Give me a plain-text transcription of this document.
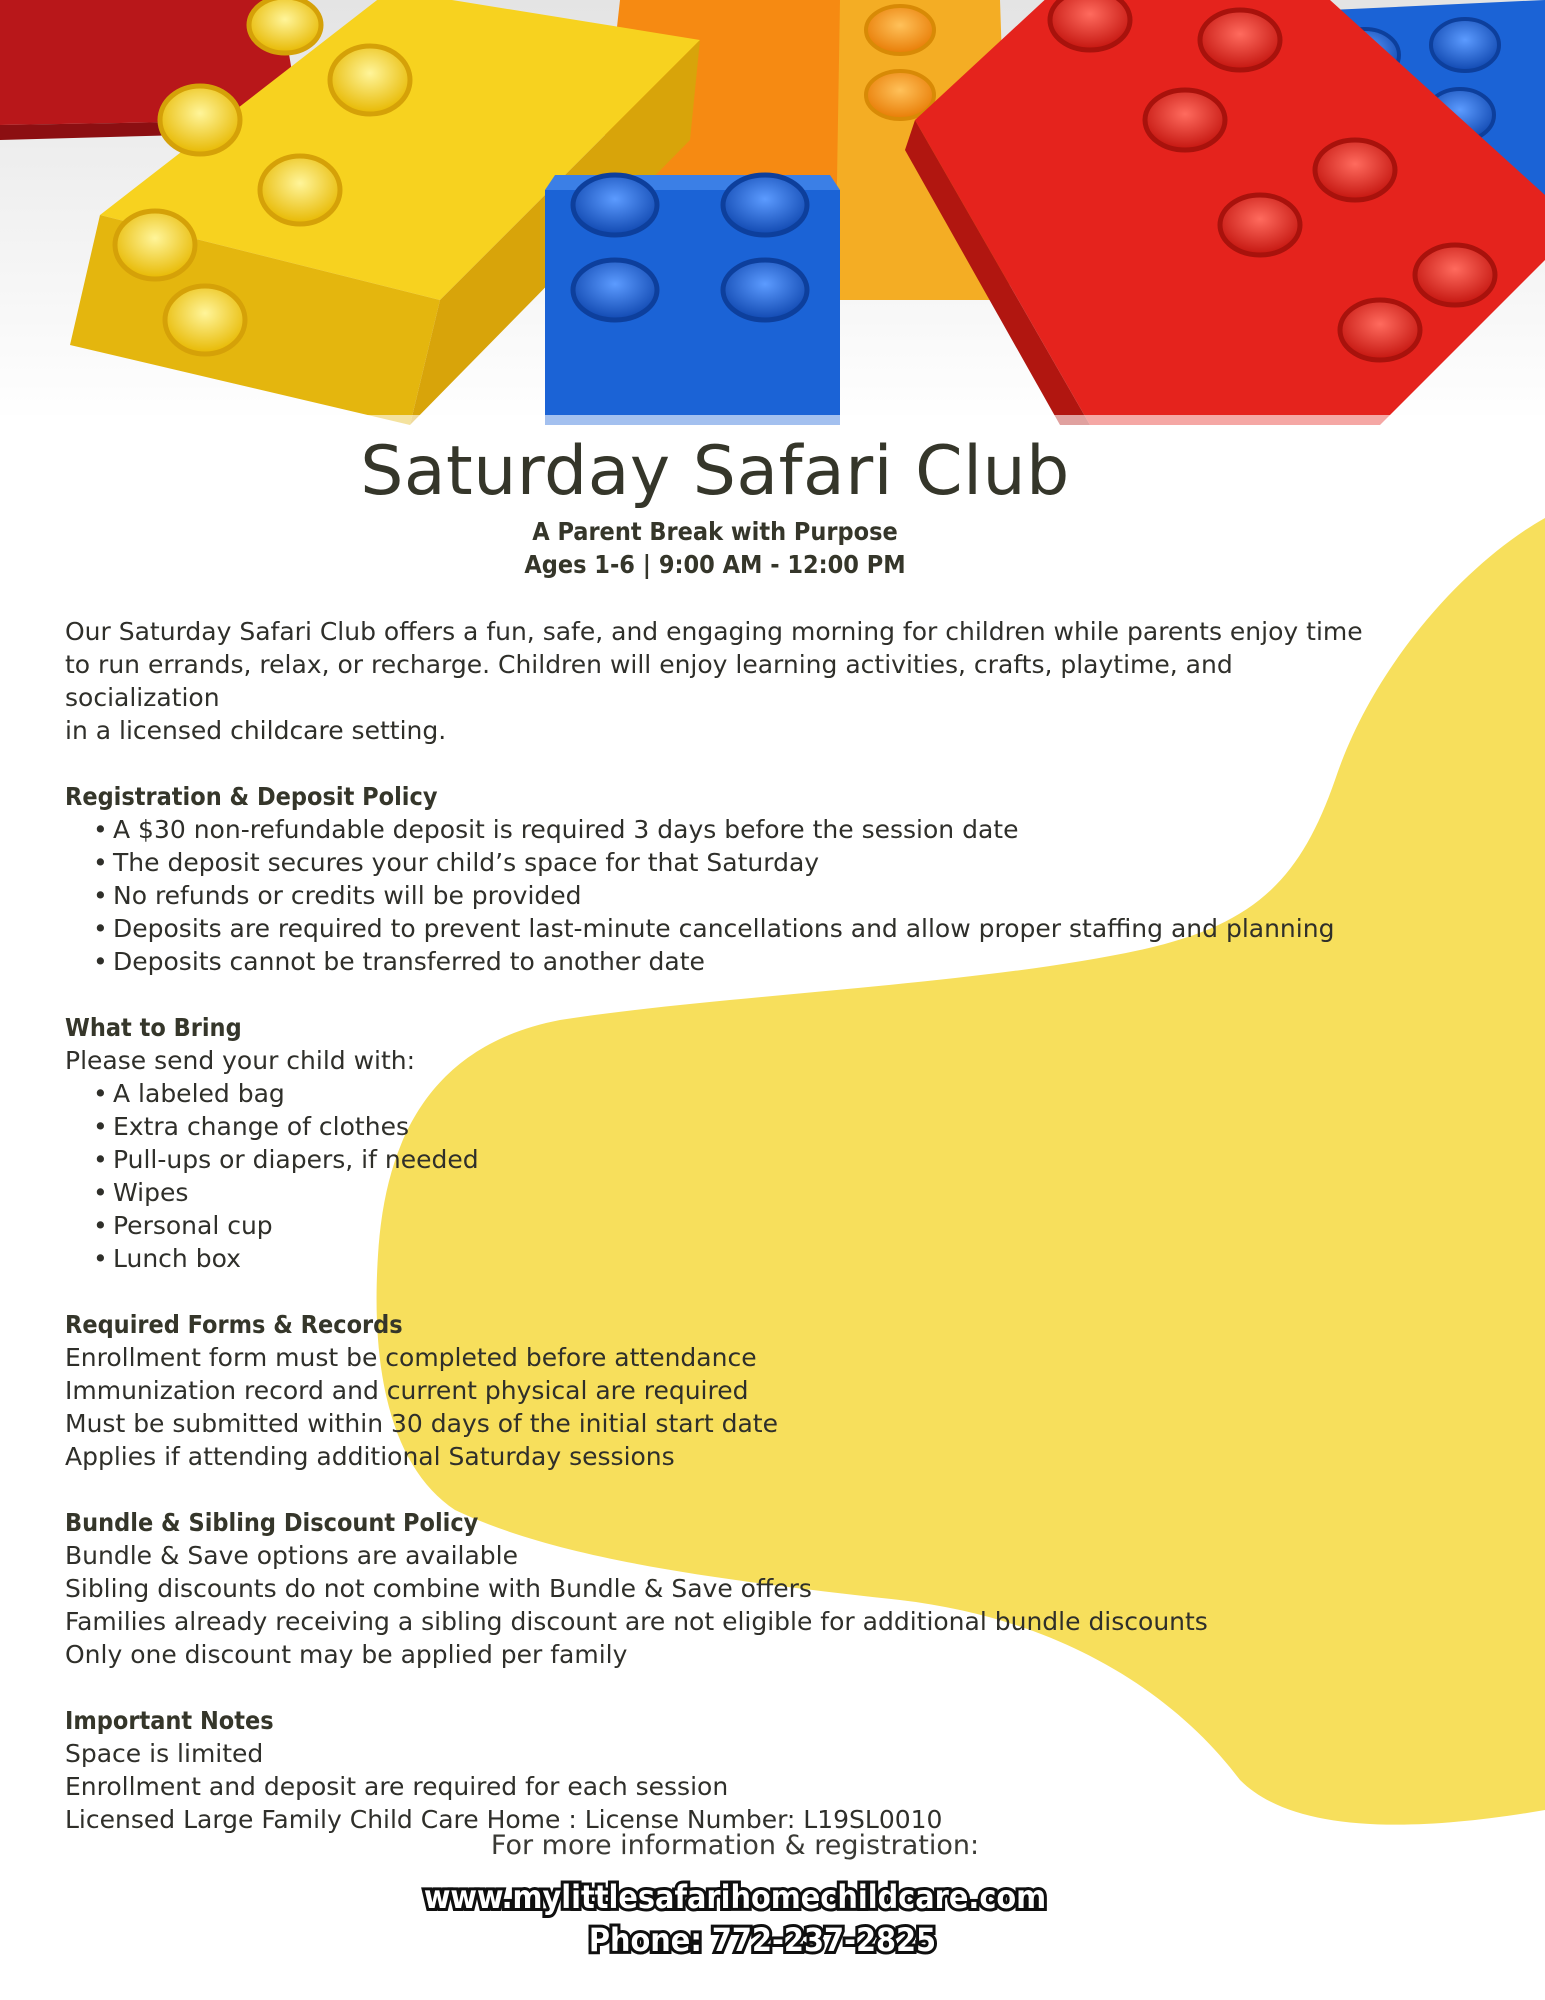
Saturday Safari Club
A Parent Break with Purpose
Ages 1-6 | 9:00 AM - 12:00 PM

Our Saturday Safari Club offers a fun, safe, and engaging morning for children while parents enjoy time

to run errands, relax, or recharge. Children will enjoy learning activities, crafts, playtime, and socialization

in a licensed childcare setting.

Registration & Deposit Policy

• A $30 non-refundable deposit is required 3 days before the session date
• The deposit secures your child’s space for that Saturday
• No refunds or credits will be provided
• Deposits are required to prevent last-minute cancellations and allow proper staffing and planning
• Deposits cannot be transferred to another date

What to Bring

Please send your child with:

• A labeled bag
• Extra change of clothes
• Pull-ups or diapers, if needed
• Wipes
• Personal cup
• Lunch box

Required Forms & Records

Enrollment form must be completed before attendance

Immunization record and current physical are required

Must be submitted within 30 days of the initial start date

Applies if attending additional Saturday sessions

Bundle & Sibling Discount Policy

Bundle & Save options are available

Sibling discounts do not combine with Bundle & Save offers

Families already receiving a sibling discount are not eligible for additional bundle discounts

Only one discount may be applied per family

Important Notes

Space is limited

Enrollment and deposit are required for each session

Licensed Large Family Child Care Home : License Number: L19SL0010

For more information & registration:
www.mylittlesafarihomechildcare.com
Phone: 772-237-2825
